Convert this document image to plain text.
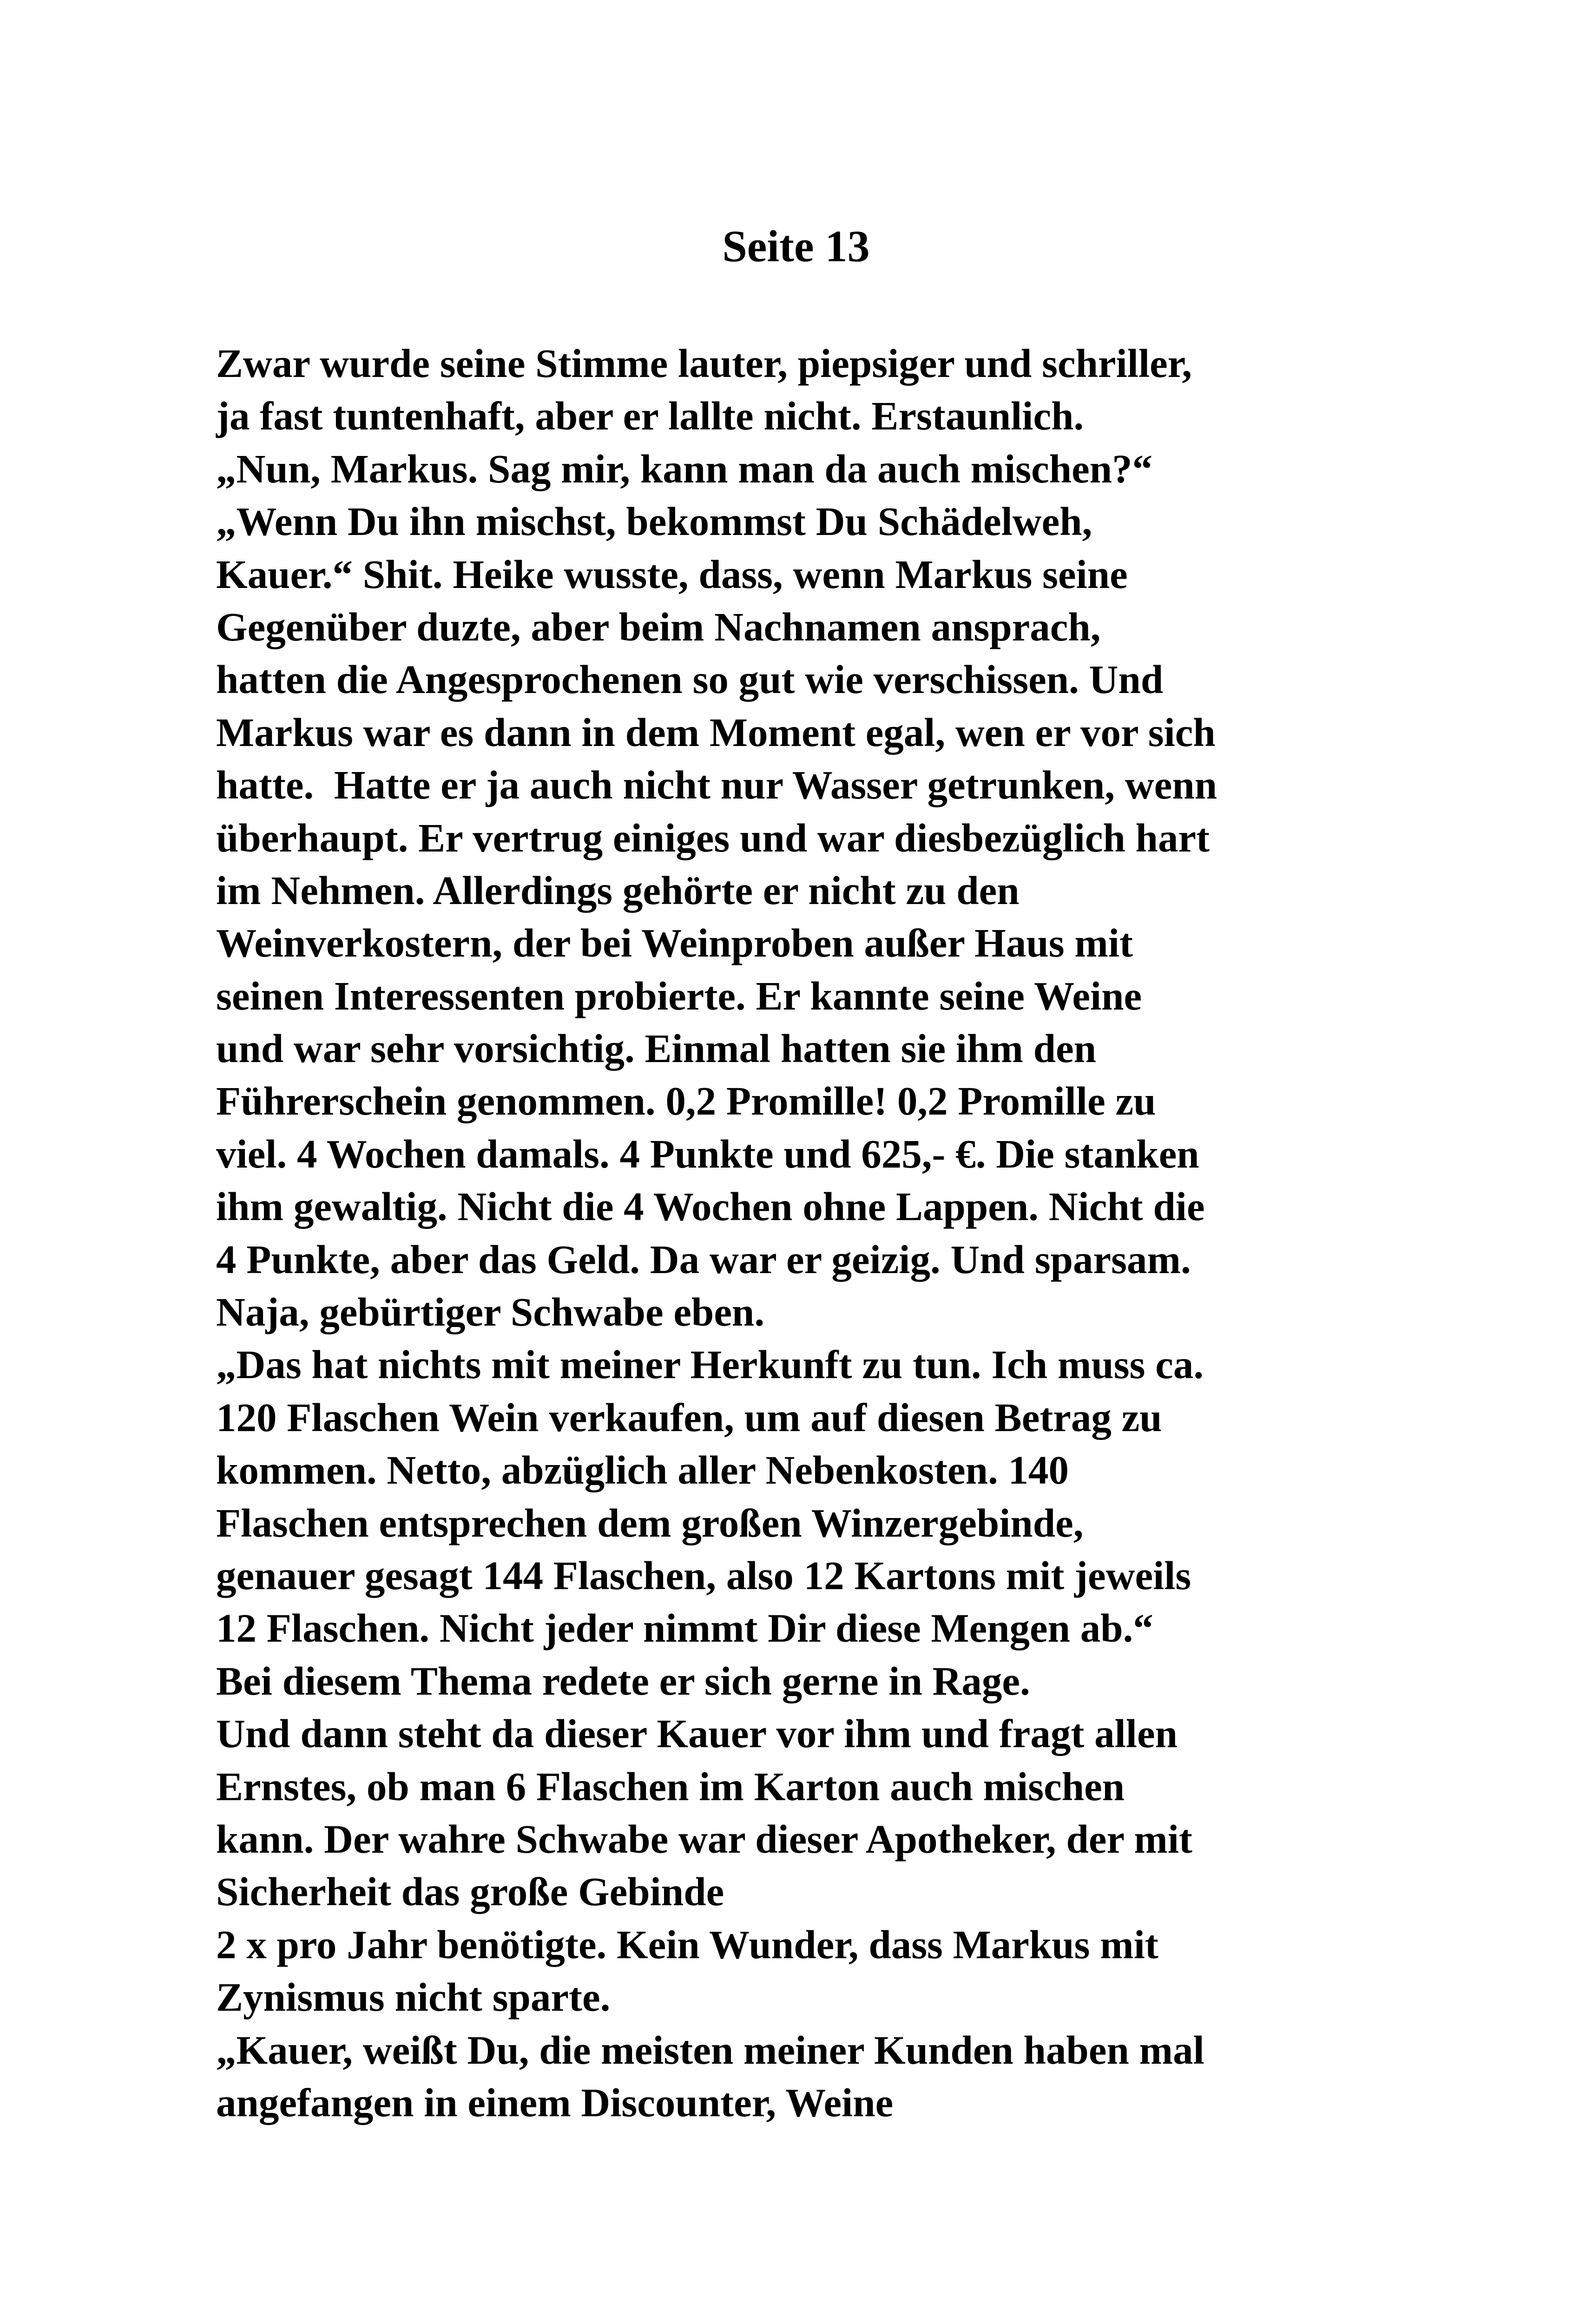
Seite 13
Zwar wurde seine Stimme lauter, piepsiger und schriller,
ja fast tuntenhaft, aber er lallte nicht. Erstaunlich.
„Nun, Markus. Sag mir, kann man da auch mischen?“
„Wenn Du ihn mischst, bekommst Du Schädelweh,
Kauer.“ Shit. Heike wusste, dass, wenn Markus seine
Gegenüber duzte, aber beim Nachnamen ansprach,
hatten die Angesprochenen so gut wie verschissen. Und
Markus war es dann in dem Moment egal, wen er vor sich
hatte.  Hatte er ja auch nicht nur Wasser getrunken, wenn
überhaupt. Er vertrug einiges und war diesbezüglich hart
im Nehmen. Allerdings gehörte er nicht zu den
Weinverkostern, der bei Weinproben außer Haus mit
seinen Interessenten probierte. Er kannte seine Weine
und war sehr vorsichtig. Einmal hatten sie ihm den
Führerschein genommen. 0,2 Promille! 0,2 Promille zu
viel. 4 Wochen damals. 4 Punkte und 625,- €. Die stanken
ihm gewaltig. Nicht die 4 Wochen ohne Lappen. Nicht die
4 Punkte, aber das Geld. Da war er geizig. Und sparsam.
Naja, gebürtiger Schwabe eben.
„Das hat nichts mit meiner Herkunft zu tun. Ich muss ca.
120 Flaschen Wein verkaufen, um auf diesen Betrag zu
kommen. Netto, abzüglich aller Nebenkosten. 140
Flaschen entsprechen dem großen Winzergebinde,
genauer gesagt 144 Flaschen, also 12 Kartons mit jeweils
12 Flaschen. Nicht jeder nimmt Dir diese Mengen ab.“
Bei diesem Thema redete er sich gerne in Rage.
Und dann steht da dieser Kauer vor ihm und fragt allen
Ernstes, ob man 6 Flaschen im Karton auch mischen
kann. Der wahre Schwabe war dieser Apotheker, der mit
Sicherheit das große Gebinde
2 x pro Jahr benötigte. Kein Wunder, dass Markus mit
Zynismus nicht sparte.
„Kauer, weißt Du, die meisten meiner Kunden haben mal
angefangen in einem Discounter, Weine
